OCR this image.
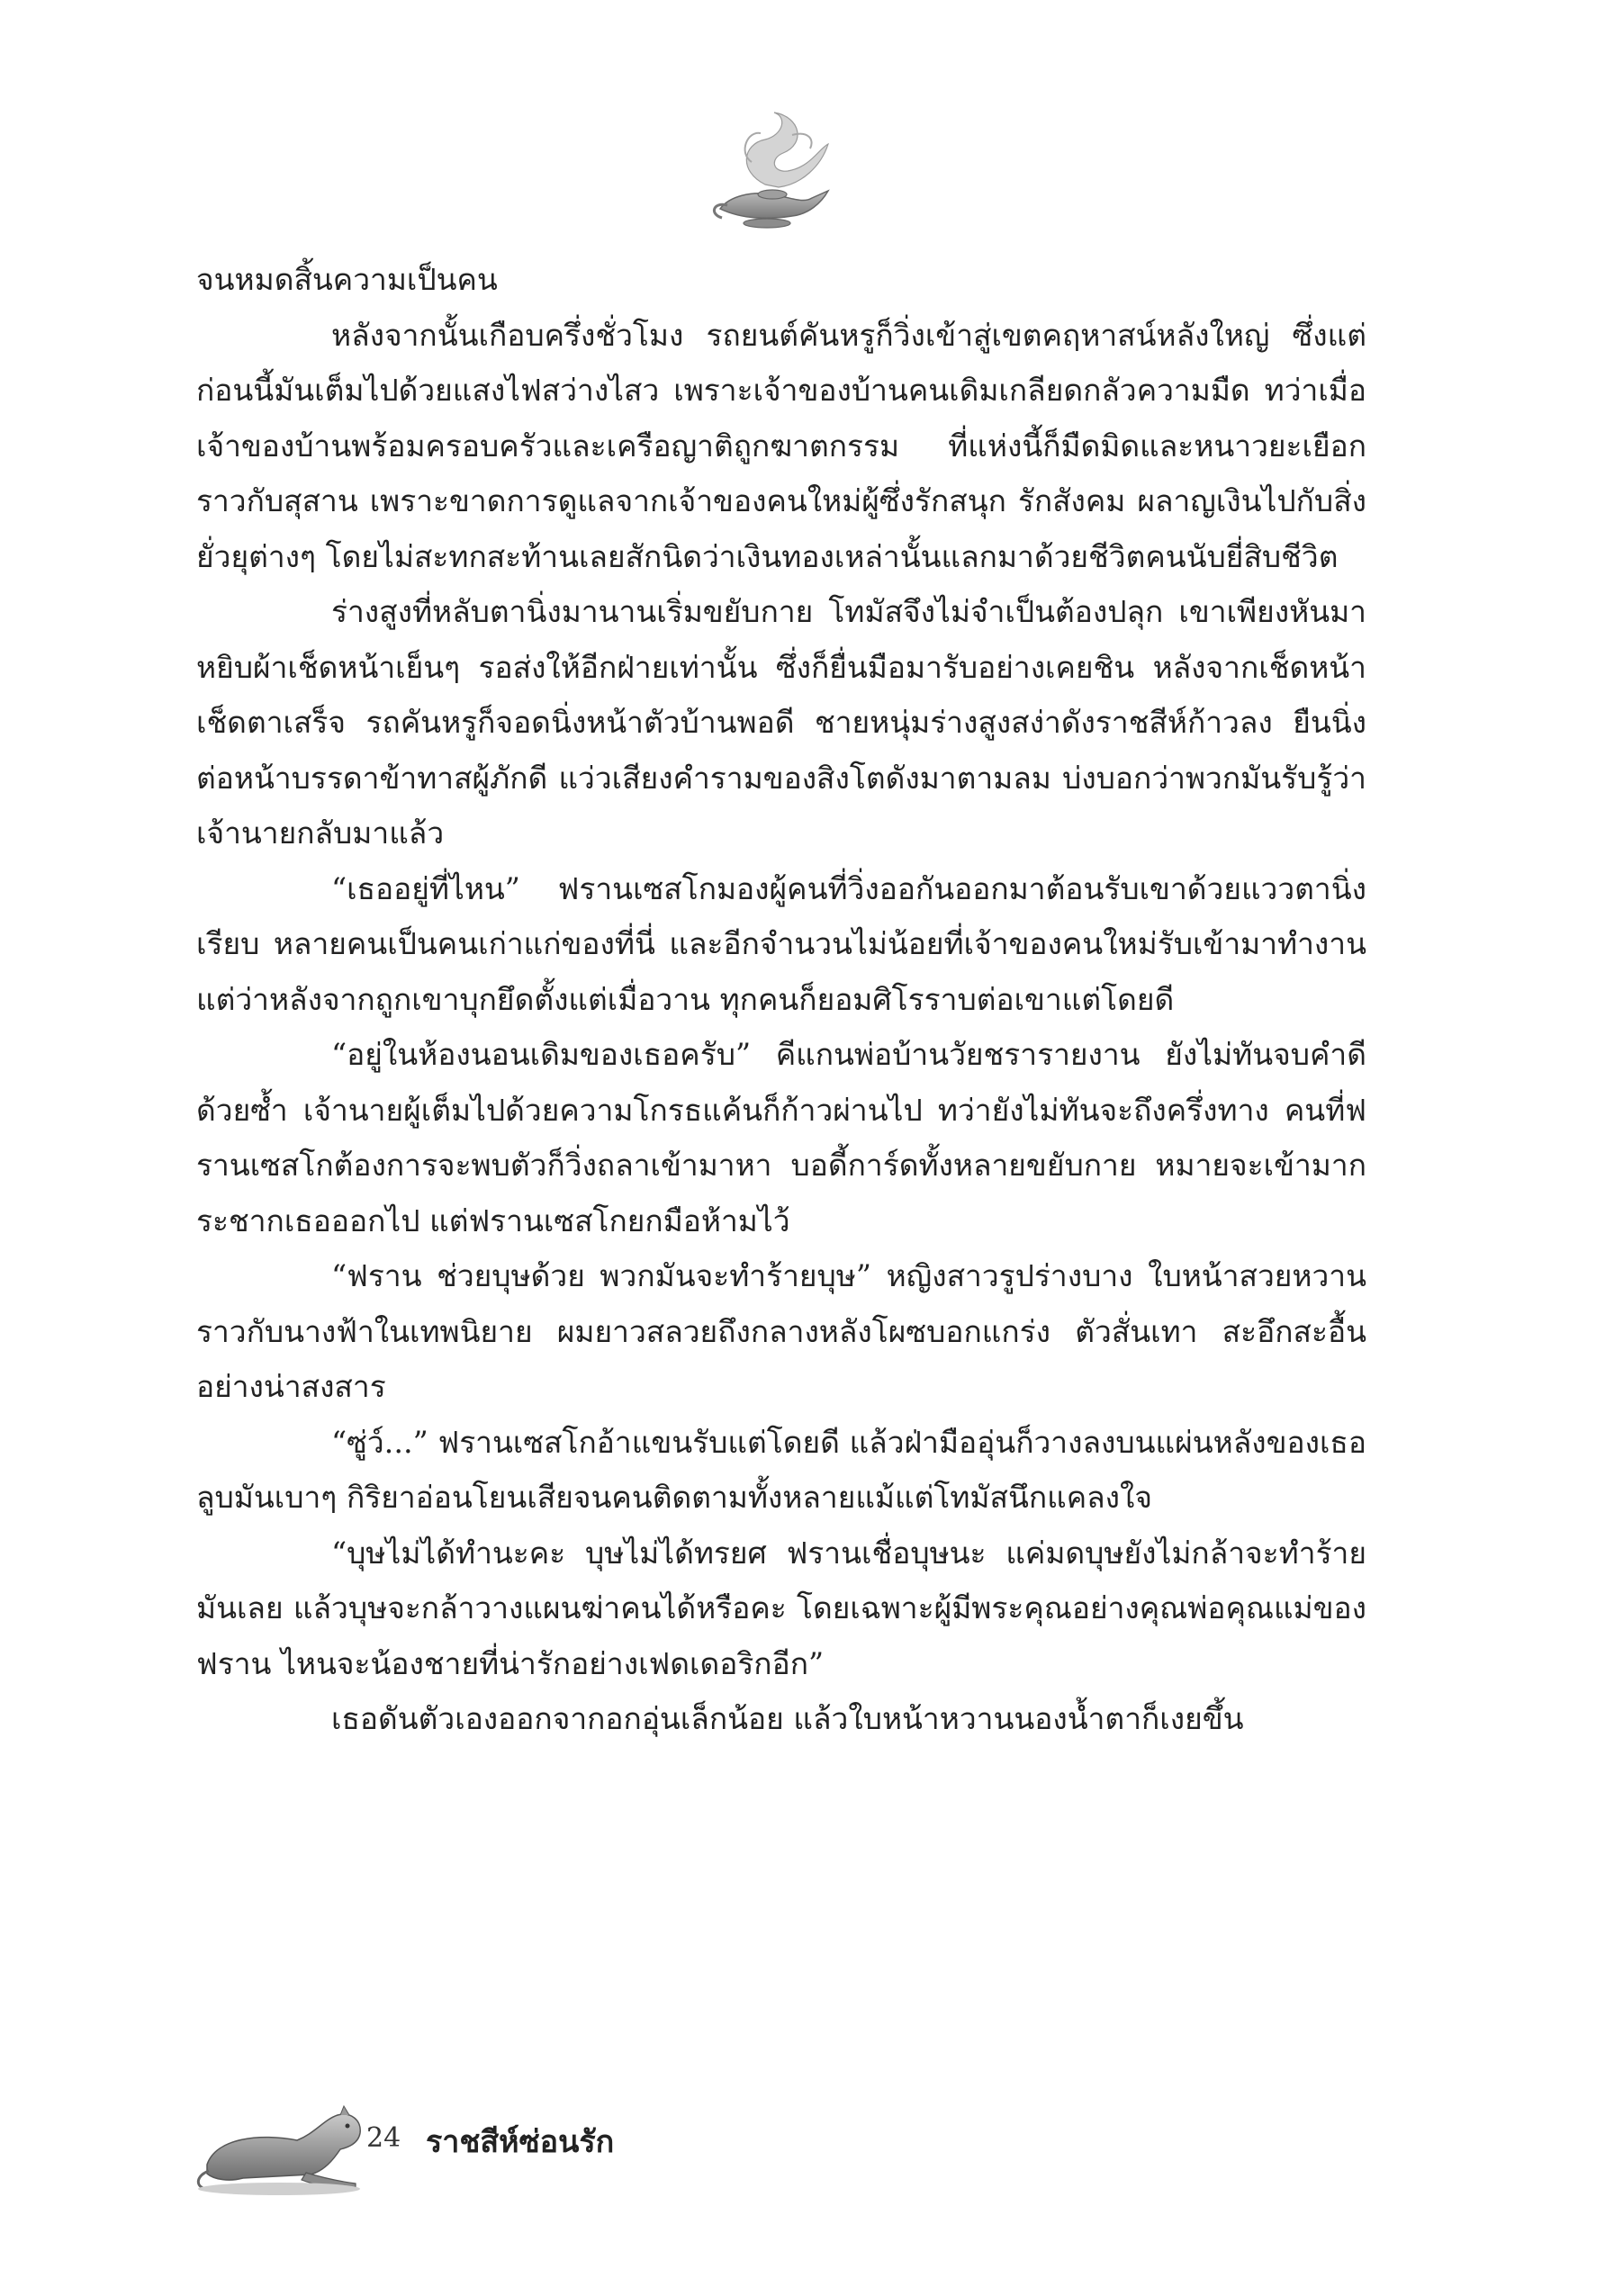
จนหมดสิ้นความเป็นคน

หลังจากนั้นเกือบครึ่งชั่วโมง รถยนต์คันหรูก็วิ่งเข้าสู่เขตคฤหาสน์หลังใหญ่ ซึ่งแต่ก่อนนี้มันเต็มไปด้วยแสงไฟสว่างไสว เพราะเจ้าของบ้านคนเดิมเกลียดกลัวความมืด ทว่าเมื่อเจ้าของบ้านพร้อมครอบครัวและเครือญาติถูกฆาตกรรม ที่แห่งนี้ก็มืดมิดและหนาวยะเยือกราวกับสุสาน เพราะขาดการดูแลจากเจ้าของคนใหม่ผู้ซึ่งรักสนุก รักสังคม ผลาญเงินไปกับสิ่งยั่วยุต่างๆ โดยไม่สะทกสะท้านเลยสักนิดว่าเงินทองเหล่านั้นแลกมาด้วยชีวิตคนนับยี่สิบชีวิต

ร่างสูงที่หลับตานิ่งมานานเริ่มขยับกาย โทมัสจึงไม่จำเป็นต้องปลุก เขาเพียงหันมาหยิบผ้าเช็ดหน้าเย็นๆ รอส่งให้อีกฝ่ายเท่านั้น ซึ่งก็ยื่นมือมารับอย่างเคยชิน หลังจากเช็ดหน้าเช็ดตาเสร็จ รถคันหรูก็จอดนิ่งหน้าตัวบ้านพอดี ชายหนุ่มร่างสูงสง่าดังราชสีห์ก้าวลง ยืนนิ่งต่อหน้าบรรดาข้าทาสผู้ภักดี แว่วเสียงคำรามของสิงโตดังมาตามลม บ่งบอกว่าพวกมันรับรู้ว่าเจ้านายกลับมาแล้ว

“เธออยู่ที่ไหน” ฟรานเซสโกมองผู้คนที่วิ่งออกันออกมาต้อนรับเขาด้วยแววตานิ่งเรียบ หลายคนเป็นคนเก่าแก่ของที่นี่ และอีกจำนวนไม่น้อยที่เจ้าของคนใหม่รับเข้ามาทำงาน แต่ว่าหลังจากถูกเขาบุกยึดตั้งแต่เมื่อวาน ทุกคนก็ยอมศิโรราบต่อเขาแต่โดยดี

“อยู่ในห้องนอนเดิมของเธอครับ” คีแกนพ่อบ้านวัยชรารายงาน ยังไม่ทันจบคำดีด้วยซ้ำ เจ้านายผู้เต็มไปด้วยความโกรธแค้นก็ก้าวผ่านไป ทว่ายังไม่ทันจะถึงครึ่งทาง คนที่ฟรานเซสโกต้องการจะพบตัวก็วิ่งถลาเข้ามาหา บอดี้การ์ดทั้งหลายขยับกาย หมายจะเข้ามากระชากเธอออกไป แต่ฟรานเซสโกยกมือห้ามไว้

“ฟราน ช่วยบุษด้วย พวกมันจะทำร้ายบุษ” หญิงสาวรูปร่างบาง ใบหน้าสวยหวานราวกับนางฟ้าในเทพนิยาย ผมยาวสลวยถึงกลางหลังโผซบอกแกร่ง ตัวสั่นเทา สะอึกสะอื้นอย่างน่าสงสาร

“ซู่ว์...” ฟรานเซสโกอ้าแขนรับแต่โดยดี แล้วฝ่ามืออุ่นก็วางลงบนแผ่นหลังของเธอ ลูบมันเบาๆ กิริยาอ่อนโยนเสียจนคนติดตามทั้งหลายแม้แต่โทมัสนึกแคลงใจ

“บุษไม่ได้ทำนะคะ บุษไม่ได้ทรยศ ฟรานเชื่อบุษนะ แค่มดบุษยังไม่กล้าจะทำร้ายมันเลย แล้วบุษจะกล้าวางแผนฆ่าคนได้หรือคะ โดยเฉพาะผู้มีพระคุณอย่างคุณพ่อคุณแม่ของฟราน ไหนจะน้องชายที่น่ารักอย่างเฟดเดอริกอีก”

เธอดันตัวเองออกจากอกอุ่นเล็กน้อย แล้วใบหน้าหวานนองน้ำตาก็เงยขึ้น

24 ราชสีห์ซ่อนรัก
